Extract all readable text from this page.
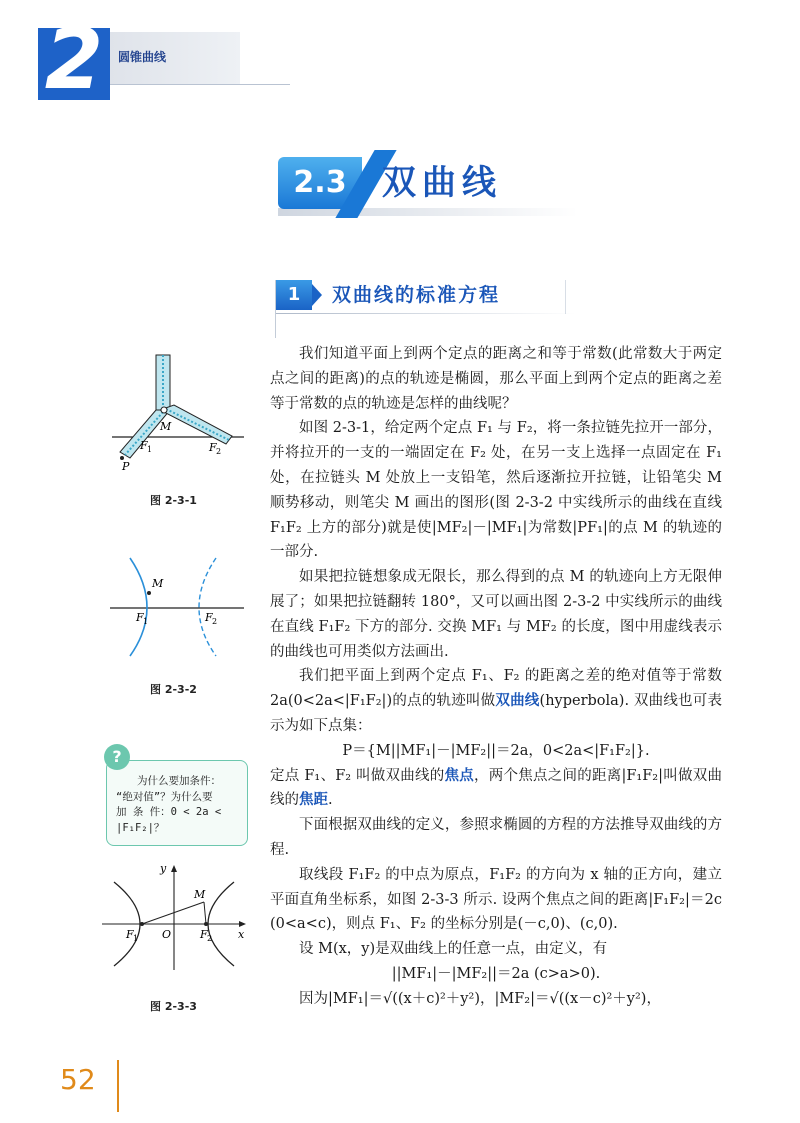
2	圆锥曲线
2.3	双曲线
1	双曲线的标准方程
M
F 1	F 2
P
图 2-3-1
M
F 1	F 2
图 2-3-2
?
为什么要加条件：
“绝对值”？为什么要
加 条 件：0 < 2a <
|F₁F₂|？
y
x
O
M
F 1	F 2
图 2-3-3

我们知道平面上到两个定点的距离之和等于常数(此常数大于两定点之间的距离)的点的轨迹是椭圆，那么平面上到两个定点的距离之差等于常数的点的轨迹是怎样的曲线呢？

如图 2-3-1，给定两个定点 F₁ 与 F₂，将一条拉链先拉开一部分，并将拉开的一支的一端固定在 F₂ 处，在另一支上选择一点固定在 F₁ 处，在拉链头 M 处放上一支铅笔，然后逐渐拉开拉链，让铅笔尖 M 顺势移动，则笔尖 M 画出的图形(图 2-3-2 中实线所示的曲线在直线 F₁F₂ 上方的部分)就是使|MF₂|－|MF₁|为常数|PF₁|的点 M 的轨迹的一部分.

如果把拉链想象成无限长，那么得到的点 M 的轨迹向上方无限伸展了；如果把拉链翻转 180°，又可以画出图 2-3-2 中实线所示的曲线在直线 F₁F₂ 下方的部分. 交换 MF₁ 与 MF₂ 的长度，图中用虚线表示的曲线也可用类似方法画出.

我们把平面上到两个定点 F₁、F₂ 的距离之差的绝对值等于常数 2a(0<2a<|F₁F₂|)的点的轨迹叫做双曲线(hyperbola). 双曲线也可表示为如下点集：

P＝{M||MF₁|－|MF₂||＝2a，0<2a<|F₁F₂|}.

定点 F₁、F₂ 叫做双曲线的焦点，两个焦点之间的距离|F₁F₂|叫做双曲线的焦距.

下面根据双曲线的定义，参照求椭圆的方程的方法推导双曲线的方程.

取线段 F₁F₂ 的中点为原点，F₁F₂ 的方向为 x 轴的正方向，建立平面直角坐标系，如图 2-3-3 所示. 设两个焦点之间的距离|F₁F₂|＝2c (0<a<c)，则点 F₁、F₂ 的坐标分别是(－c,0)、(c,0).

设 M(x，y)是双曲线上的任意一点，由定义，有

||MF₁|－|MF₂||＝2a (c>a>0).

因为|MF₁|＝√((x＋c)²＋y²)，|MF₂|＝√((x－c)²＋y²)，

52
